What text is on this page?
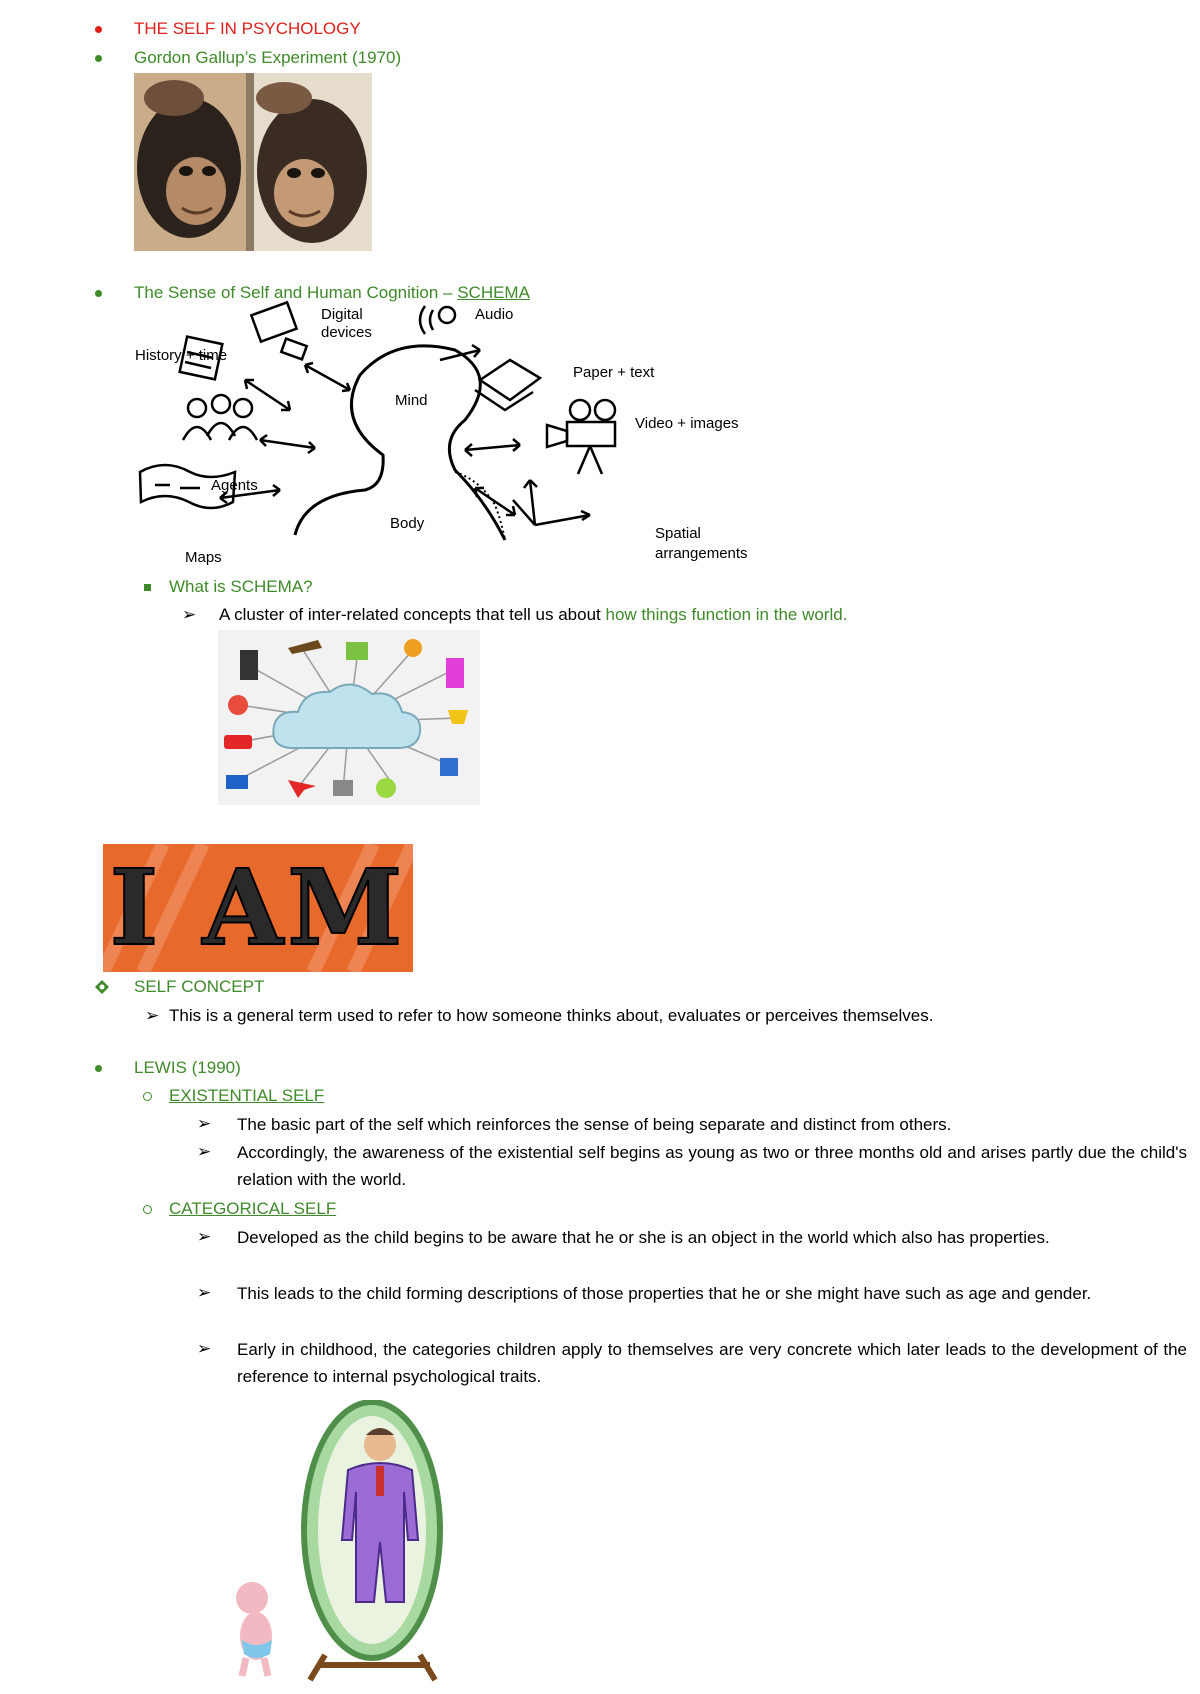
THE SELF IN PSYCHOLOGY
Gordon Gallup’s Experiment (1970)
The Sense of Self and Human Cognition – SCHEMA
Digital
devices
Audio
History + time
Paper + text
Mind
Video + images
Agents
Body
Spatial
arrangements
Maps
What is SCHEMA?
➢ A cluster of inter-related concepts that tell us about how things function in the world.
I AM
SELF CONCEPT
➢ This is a general term used to refer to how someone thinks about, evaluates or perceives themselves.
LEWIS (1990)
EXISTENTIAL SELF
➢ The basic part of the self which reinforces the sense of being separate and distinct from others.
➢ Accordingly, the awareness of the existential self begins as young as two or three months old and arises partly due the child's relation with the world.
CATEGORICAL SELF
➢ Developed as the child begins to be aware that he or she is an object in the world which also has properties.
➢ This leads to the child forming descriptions of those properties that he or she might have such as age and gender.
➢ Early in childhood, the categories children apply to themselves are very concrete which later leads to the development of the reference to internal psychological traits.
